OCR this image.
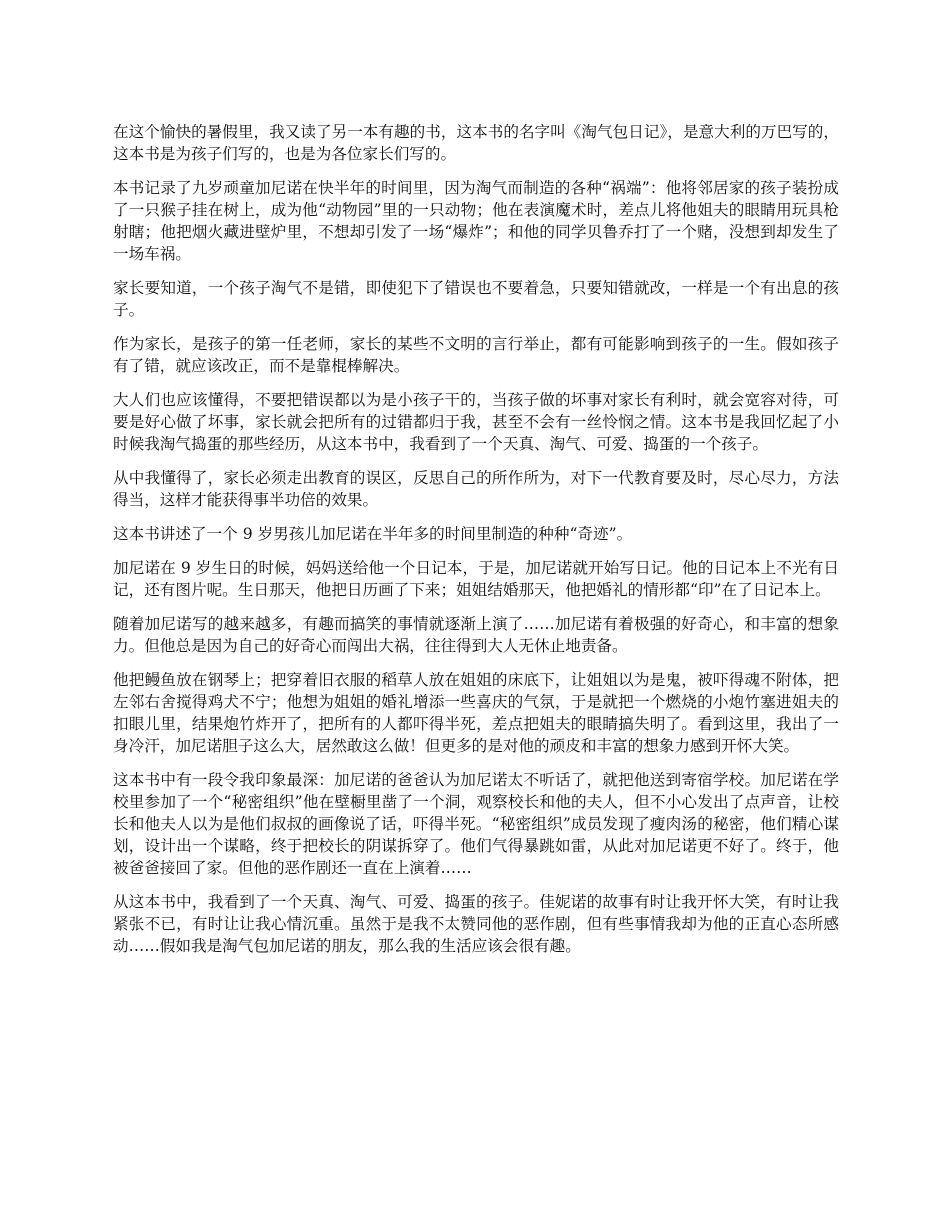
在这个愉快的暑假里，我又读了另一本有趣的书，这本书的名字叫《淘气包日记》，是意大利的万巴写的，这本书是为孩子们写的，也是为各位家长们写的。

本书记录了九岁顽童加尼诺在快半年的时间里，因为淘气而制造的各种“祸端”：他将邻居家的孩子装扮成了一只猴子挂在树上，成为他“动物园”里的一只动物；他在表演魔术时，差点儿将他姐夫的眼睛用玩具枪射瞎；他把烟火藏进壁炉里，不想却引发了一场“爆炸”；和他的同学贝鲁乔打了一个赌，没想到却发生了一场车祸。

家长要知道，一个孩子淘气不是错，即使犯下了错误也不要着急，只要知错就改，一样是一个有出息的孩子。

作为家长，是孩子的第一任老师，家长的某些不文明的言行举止，都有可能影响到孩子的一生。假如孩子有了错，就应该改正，而不是靠棍棒解决。

大人们也应该懂得，不要把错误都以为是小孩子干的，当孩子做的坏事对家长有利时，就会宽容对待，可要是好心做了坏事，家长就会把所有的过错都归于我，甚至不会有一丝怜悯之情。这本书是我回忆起了小时候我淘气捣蛋的那些经历，从这本书中，我看到了一个天真、淘气、可爱、捣蛋的一个孩子。

从中我懂得了，家长必须走出教育的误区，反思自己的所作所为，对下一代教育要及时，尽心尽力，方法得当，这样才能获得事半功倍的效果。

这本书讲述了一个 9 岁男孩儿加尼诺在半年多的时间里制造的种种“奇迹”。

加尼诺在 9 岁生日的时候，妈妈送给他一个日记本，于是，加尼诺就开始写日记。他的日记本上不光有日记，还有图片呢。生日那天，他把日历画了下来；姐姐结婚那天，他把婚礼的情形都“印”在了日记本上。

随着加尼诺写的越来越多，有趣而搞笑的事情就逐渐上演了……加尼诺有着极强的好奇心，和丰富的想象力。但他总是因为自己的好奇心而闯出大祸，往往得到大人无休止地责备。

他把鳗鱼放在钢琴上；把穿着旧衣服的稻草人放在姐姐的床底下，让姐姐以为是鬼，被吓得魂不附体，把左邻右舍搅得鸡犬不宁；他想为姐姐的婚礼增添一些喜庆的气氛，于是就把一个燃烧的小炮竹塞进姐夫的扣眼儿里，结果炮竹炸开了，把所有的人都吓得半死，差点把姐夫的眼睛搞失明了。看到这里，我出了一身冷汗，加尼诺胆子这么大，居然敢这么做！但更多的是对他的顽皮和丰富的想象力感到开怀大笑。

这本书中有一段令我印象最深：加尼诺的爸爸认为加尼诺太不听话了，就把他送到寄宿学校。加尼诺在学校里参加了一个“秘密组织”他在壁橱里凿了一个洞，观察校长和他的夫人，但不小心发出了点声音，让校长和他夫人以为是他们叔叔的画像说了话，吓得半死。“秘密组织”成员发现了瘦肉汤的秘密，他们精心谋划，设计出一个谋略，终于把校长的阴谋拆穿了。他们气得暴跳如雷，从此对加尼诺更不好了。终于，他被爸爸接回了家。但他的恶作剧还一直在上演着……

从这本书中，我看到了一个天真、淘气、可爱、捣蛋的孩子。佳妮诺的故事有时让我开怀大笑，有时让我紧张不已，有时让让我心情沉重。虽然于是我不太赞同他的恶作剧，但有些事情我却为他的正直心态所感动……假如我是淘气包加尼诺的朋友，那么我的生活应该会很有趣。
